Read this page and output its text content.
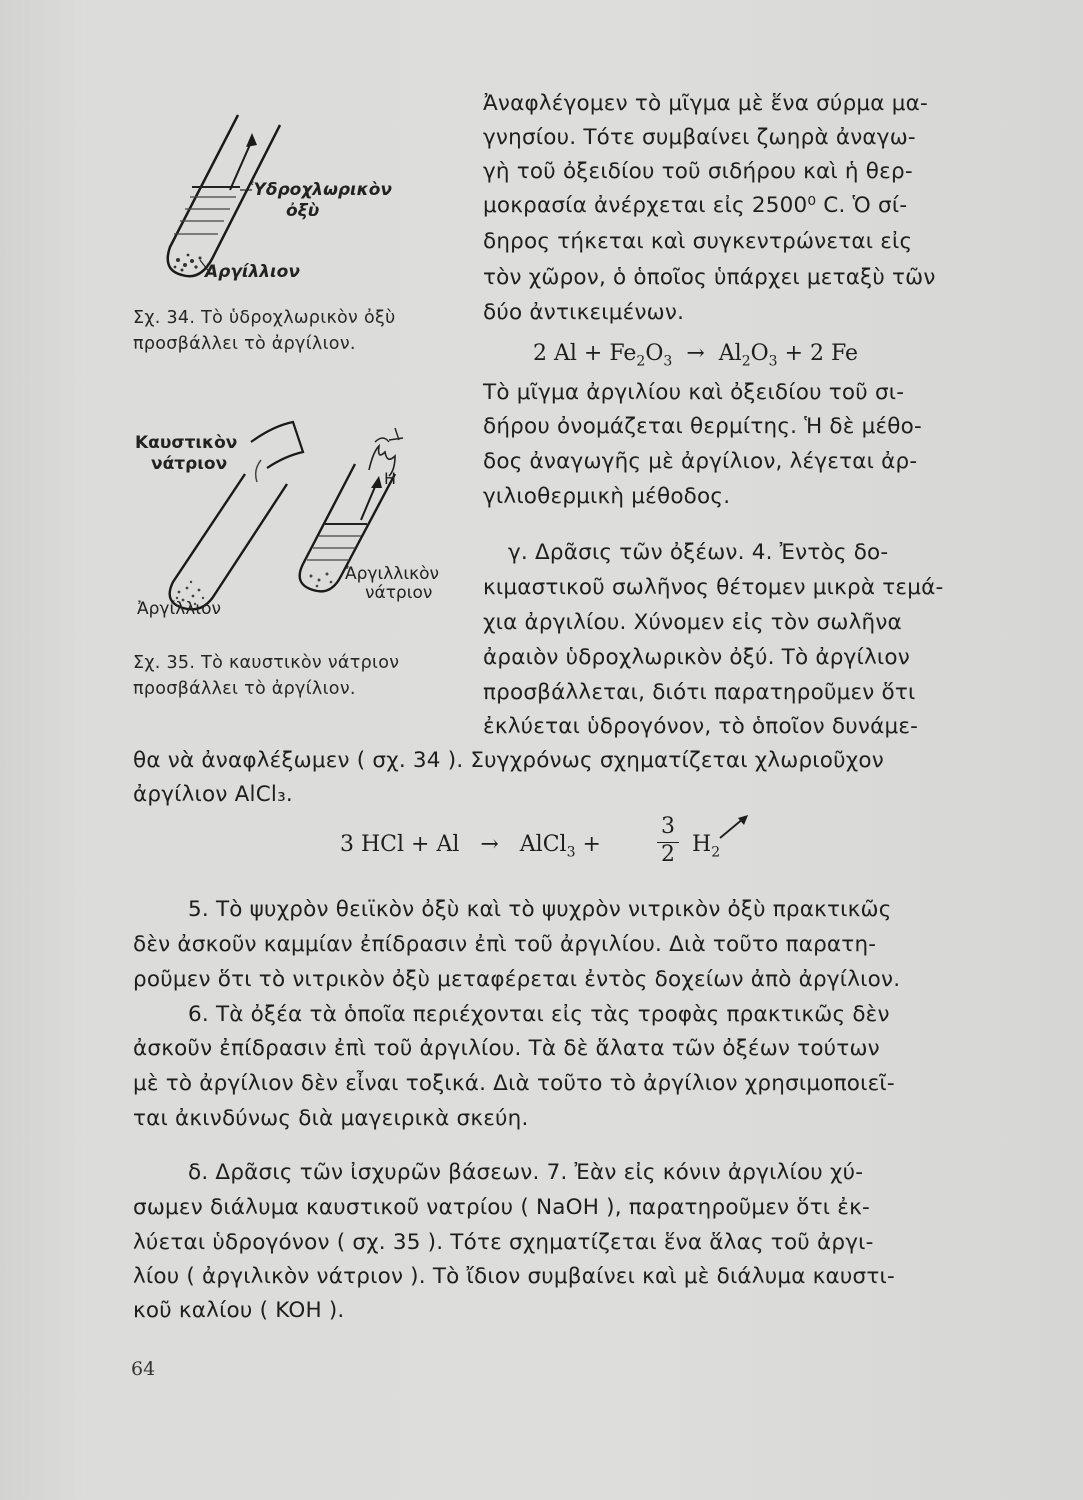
Ὑδροχλωρικὸν
ὀξὺ
Ἀργίλλιον
Σχ. 34. Τὸ ὑδροχλωρικὸν ὀξὺ
προσβάλλει τὸ ἀργίλιον.
Η
Καυστικὸν
νάτριον
Ἀργίλλιον
Ἀργιλλικὸν
νάτριον
Σχ. 35. Τὸ καυστικὸν νάτριον
προσβάλλει τὸ ἀργίλιον.
Ἀναφλέγομεν τὸ μῖγμα μὲ ἕνα σύρμα μα-
γνησίου. Τότε συμβαίνει ζωηρὰ ἀναγω-
γὴ τοῦ ὀξειδίου τοῦ σιδήρου καὶ ἡ θερ-
μοκρασία ἀνέρχεται εἰς 2500⁰ C. Ὁ σί-
δηρος τήκεται καὶ συγκεντρώνεται εἰς
τὸν χῶρον, ὁ ὁποῖος ὑπάρχει μεταξὺ τῶν
δύο ἀντικειμένων.
2 $Al + Fe_2O_3 \to Al_2O_3 + 2$ Fe
Τὸ μῖγμα ἀργιλίου καὶ ὀξειδίου τοῦ σι-
δήρου ὀνομάζεται θερμίτης. Ἡ δὲ μέθο-
δος ἀναγωγῆς μὲ ἀργίλιον, λέγεται ἀρ-
γιλιοθερμικὴ μέθοδος.
γ. Δρᾶσις τῶν ὀξέων. 4. Ἐντὸς δο-
κιμαστικοῦ σωλῆνος θέτομεν μικρὰ τεμά-
χια ἀργιλίου. Χύνομεν εἰς τὸν σωλῆνα
ἀραιὸν ὑδροχλωρικὸν ὀξύ. Τὸ ἀργίλιον
προσβάλλεται, διότι παρατηροῦμεν ὅτι
ἐκλύεται ὑδρογόνον, τὸ ὁποῖον δυνάμε-
θα νὰ ἀναφλέξωμεν ( σχ. 34 ). Συγχρόνως σχηματίζεται χλωριοῦχον
ἀργίλιον AlCl₃.
3 HCl + Al → AlCl$_3$ +
3
2 $H_2$
5. Τὸ ψυχρὸν θειϊκὸν ὀξὺ καὶ τὸ ψυχρὸν νιτρικὸν ὀξὺ πρακτικῶς
δὲν ἀσκοῦν καμμίαν ἐπίδρασιν ἐπὶ τοῦ ἀργιλίου. Διὰ τοῦτο παρατη-
ροῦμεν ὅτι τὸ νιτρικὸν ὀξὺ μεταφέρεται ἐντὸς δοχείων ἀπὸ ἀργίλιον.
6. Τὰ ὀξέα τὰ ὁποῖα περιέχονται εἰς τὰς τροφὰς πρακτικῶς δὲν
ἀσκοῦν ἐπίδρασιν ἐπὶ τοῦ ἀργιλίου. Τὰ δὲ ἅλατα τῶν ὀξέων τούτων
μὲ τὸ ἀργίλιον δὲν εἶναι τοξικά. Διὰ τοῦτο τὸ ἀργίλιον χρησιμοποιεῖ-
ται ἀκινδύνως διὰ μαγειρικὰ σκεύη.
δ. Δρᾶσις τῶν ἰσχυρῶν βάσεων. 7. Ἐὰν εἰς κόνιν ἀργιλίου χύ-
σωμεν διάλυμα καυστικοῦ νατρίου ( NaOH ), παρατηροῦμεν ὅτι ἐκ-
λύεται ὑδρογόνον ( σχ. 35 ). Τότε σχηματίζεται ἕνα ἅλας τοῦ ἀργι-
λίου ( ἀργιλικὸν νάτριον ). Τὸ ἴδιον συμβαίνει καὶ μὲ διάλυμα καυστι-
κοῦ καλίου ( KOH ).
64
